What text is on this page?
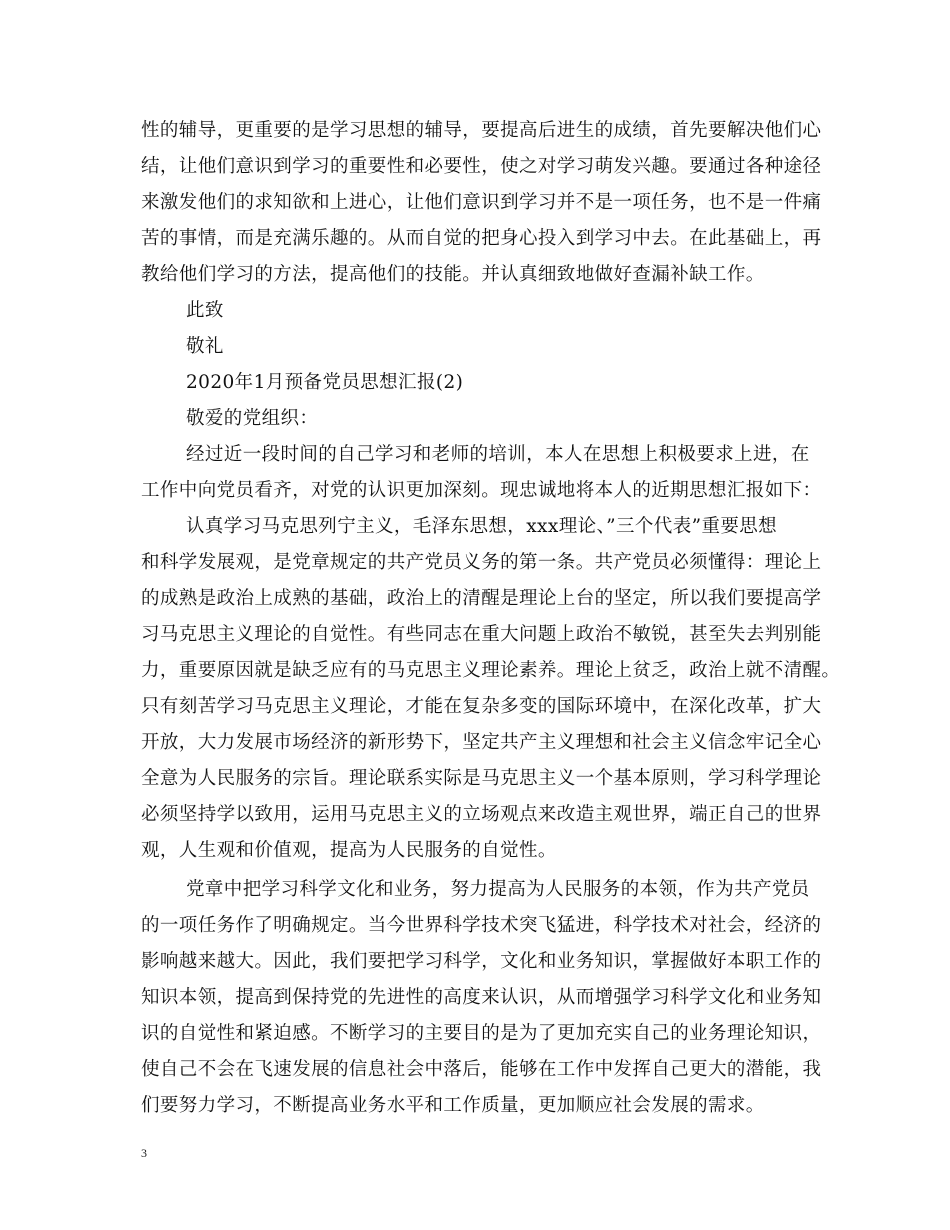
性的辅导，更重要的是学习思想的辅导，要提高后进生的成绩，首先要解决他们心
结，让他们意识到学习的重要性和必要性，使之对学习萌发兴趣。要通过各种途径
来激发他们的求知欲和上进心，让他们意识到学习并不是一项任务，也不是一件痛
苦的事情，而是充满乐趣的。从而自觉的把身心投入到学习中去。在此基础上，再
教给他们学习的方法，提高他们的技能。并认真细致地做好查漏补缺工作。
此致
敬礼
2020年1月预备党员思想汇报(2)
敬爱的党组织：
经过近一段时间的自己学习和老师的培训，本人在思想上积极要求上进，在
工作中向党员看齐，对党的认识更加深刻。现忠诚地将本人的近期思想汇报如下：
认真学习马克思列宁主义，毛泽东思想，xxx理论、”三个代表”重要思想
和科学发展观，是党章规定的共产党员义务的第一条。共产党员必须懂得：理论上
的成熟是政治上成熟的基础，政治上的清醒是理论上台的坚定，所以我们要提高学
习马克思主义理论的自觉性。有些同志在重大问题上政治不敏锐，甚至失去判别能
力，重要原因就是缺乏应有的马克思主义理论素养。理论上贫乏，政治上就不清醒。
只有刻苦学习马克思主义理论，才能在复杂多变的国际环境中，在深化改革，扩大
开放，大力发展市场经济的新形势下，坚定共产主义理想和社会主义信念牢记全心
全意为人民服务的宗旨。理论联系实际是马克思主义一个基本原则，学习科学理论
必须坚持学以致用，运用马克思主义的立场观点来改造主观世界，端正自己的世界
观，人生观和价值观，提高为人民服务的自觉性。
党章中把学习科学文化和业务，努力提高为人民服务的本领，作为共产党员
的一项任务作了明确规定。当今世界科学技术突飞猛进，科学技术对社会，经济的
影响越来越大。因此，我们要把学习科学，文化和业务知识，掌握做好本职工作的
知识本领，提高到保持党的先进性的高度来认识，从而增强学习科学文化和业务知
识的自觉性和紧迫感。不断学习的主要目的是为了更加充实自己的业务理论知识，
使自己不会在飞速发展的信息社会中落后，能够在工作中发挥自己更大的潜能，我
们要努力学习，不断提高业务水平和工作质量，更加顺应社会发展的需求。
3
